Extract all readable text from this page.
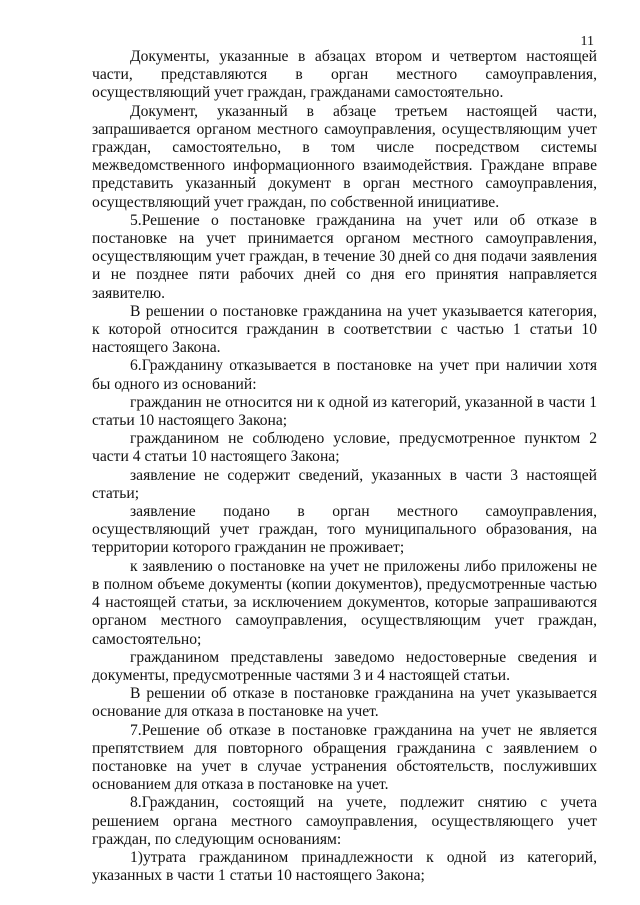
11

Документы, указанные в абзацах втором и четвертом настоящей части, представляются в орган местного самоуправления, осуществляющий учет граждан, гражданами самостоятельно.

Документ, указанный в абзаце третьем настоящей части, запрашивается органом местного самоуправления, осуществляющим учет граждан, самостоятельно, в том числе посредством системы межведомственного информационного взаимодействия. Граждане вправе представить указанный документ в орган местного самоуправления, осуществляющий учет граждан, по собственной инициативе.

5.Решение о постановке гражданина на учет или об отказе в постановке на учет принимается органом местного самоуправления, осуществляющим учет граждан, в течение 30 дней со дня подачи заявления и не позднее пяти рабочих дней со дня его принятия направляется заявителю.

В решении о постановке гражданина на учет указывается категория, к которой относится гражданин в соответствии с частью 1 статьи 10 настоящего Закона.

6.Гражданину отказывается в постановке на учет при наличии хотя бы одного из оснований:

гражданин не относится ни к одной из категорий, указанной в части 1 статьи 10 настоящего Закона;

гражданином не соблюдено условие, предусмотренное пунктом 2 части 4 статьи 10 настоящего Закона;

заявление не содержит сведений, указанных в части 3 настоящей статьи;

заявление подано в орган местного самоуправления, осуществляющий учет граждан, того муниципального образования, на территории которого гражданин не проживает;

к заявлению о постановке на учет не приложены либо приложены не в полном объеме документы (копии документов), предусмотренные частью 4 настоящей статьи, за исключением документов, которые запрашиваются органом местного самоуправления, осуществляющим учет граждан, самостоятельно;

гражданином представлены заведомо недостоверные сведения и документы, предусмотренные частями 3 и 4 настоящей статьи.

В решении об отказе в постановке гражданина на учет указывается основание для отказа в постановке на учет.

7.Решение об отказе в постановке гражданина на учет не является препятствием для повторного обращения гражданина с заявлением о постановке на учет в случае устранения обстоятельств, послуживших основанием для отказа в постановке на учет.

8.Гражданин, состоящий на учете, подлежит снятию с учета решением органа местного самоуправления, осуществляющего учет граждан, по следующим основаниям:

1)утрата гражданином принадлежности к одной из категорий, указанных в части 1 статьи 10 настоящего Закона;
